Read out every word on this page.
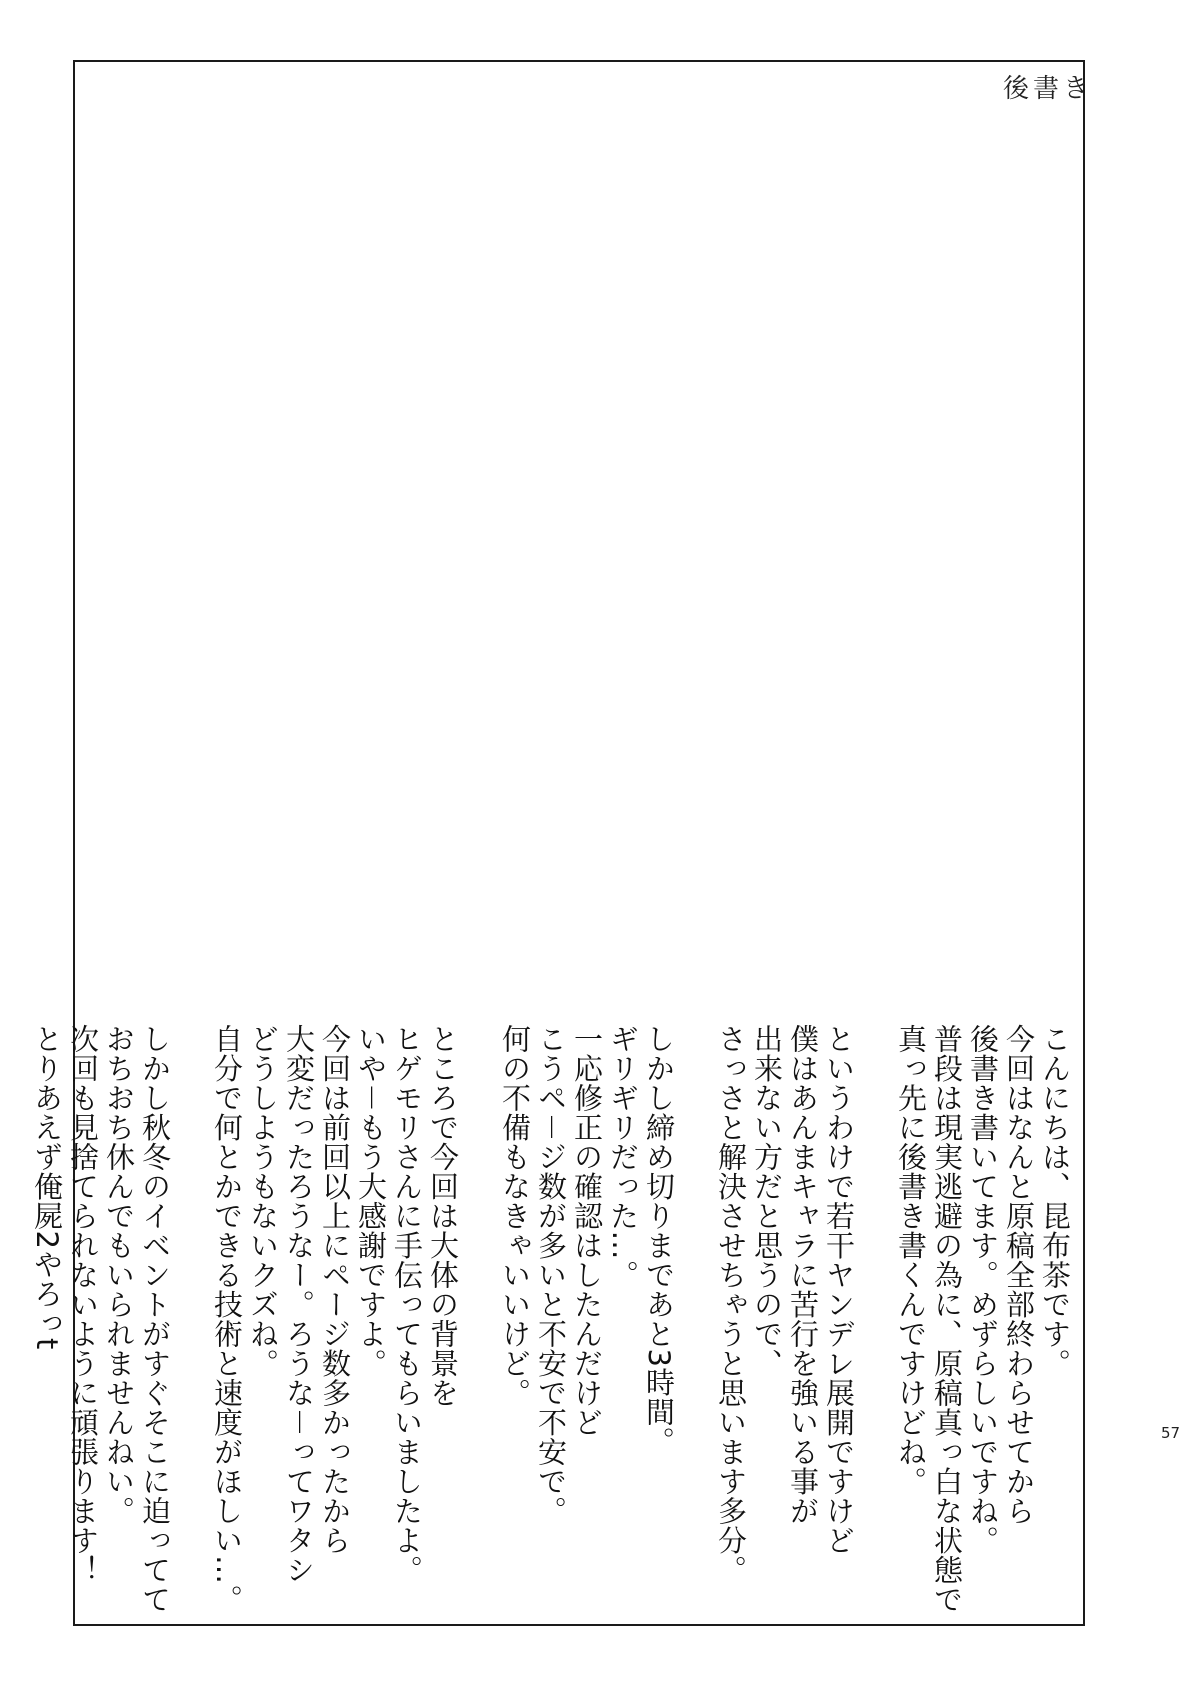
後書き
こんにちは、昆布茶です。
今回はなんと原稿全部終わらせてから
後書き書いてます。めずらしいですね。
普段は現実逃避の為に、原稿真っ白な状態で
真っ先に後書き書くんですけどね。
というわけで若干ヤンデレ展開ですけど
僕はあんまキャラに苦行を強いる事が
出来ない方だと思うので、
さっさと解決させちゃうと思います多分。
しかし締め切りまであと3時間。
ギリギリだった…。
一応修正の確認はしたんだけど
こうペ－ジ数が多いと不安で不安で。
何の不備もなきゃいいけど。
ところで今回は大体の背景を
ヒゲモリさんに手伝ってもらいましたよ。
いや－もう大感謝ですよ。
今回は前回以上にページ数多かったから
大変だったろうなー。ろうな－ってワタシ
どうしようもないクズね。
自分で何とかできる技術と速度がほしい…。
しかし秋冬のイベントがすぐそこに迫ってて
おちおち休んでもいられませんねい。
次回も見捨てられないように頑張ります！
とりあえず俺屍2やろっt
57
